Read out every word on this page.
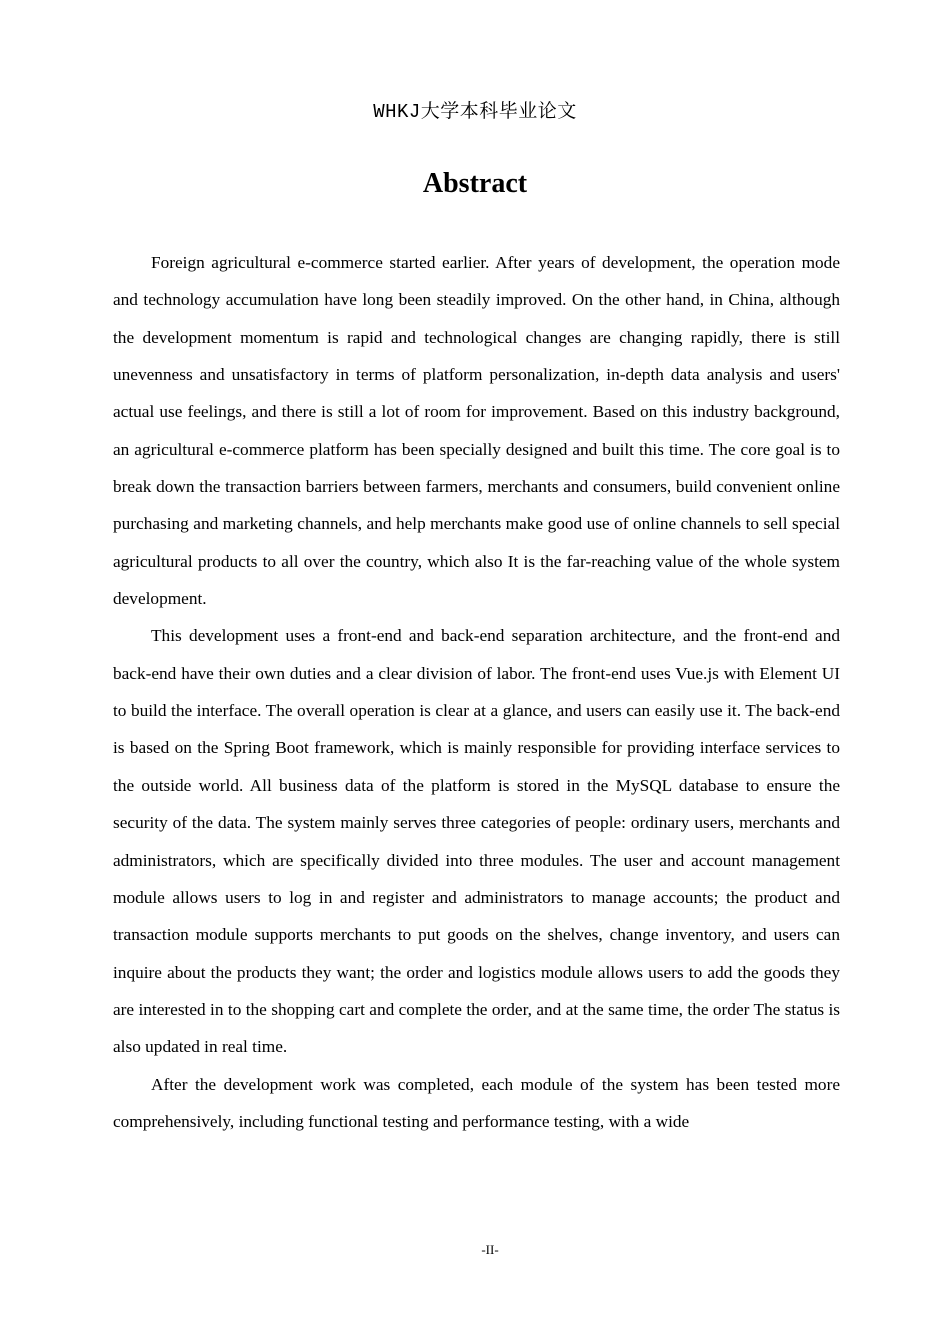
WHKJ大学本科毕业论文
Abstract

Foreign agricultural e-commerce started earlier. After years of development, the operation mode and technology accumulation have long been steadily improved. On the other hand, in China, although the development momentum is rapid and technological changes are changing rapidly, there is still unevenness and unsatisfactory in terms of platform personalization, in-depth data analysis and users' actual use feelings, and there is still a lot of room for improvement. Based on this industry background, an agricultural e-commerce platform has been specially designed and built this time. The core goal is to break down the transaction barriers between farmers, merchants and consumers, build convenient online purchasing and marketing channels, and help merchants make good use of online channels to sell special agricultural products to all over the country, which also It is the far-reaching value of the whole system development.

This development uses a front-end and back-end separation architecture, and the front-end and back-end have their own duties and a clear division of labor. The front-end uses Vue.js with Element UI to build the interface. The overall operation is clear at a glance, and users can easily use it. The back-end is based on the Spring Boot framework, which is mainly responsible for providing interface services to the outside world. All business data of the platform is stored in the MySQL database to ensure the security of the data. The system mainly serves three categories of people: ordinary users, merchants and administrators, which are specifically divided into three modules. The user and account management module allows users to log in and register and administrators to manage accounts; the product and transaction module supports merchants to put goods on the shelves, change inventory, and users can inquire about the products they want; the order and logistics module allows users to add the goods they are interested in to the shopping cart and complete the order, and at the same time, the order The status is also updated in real time.

After the development work was completed, each module of the system has been tested more comprehensively, including functional testing and performance testing, with a wide

-II-
